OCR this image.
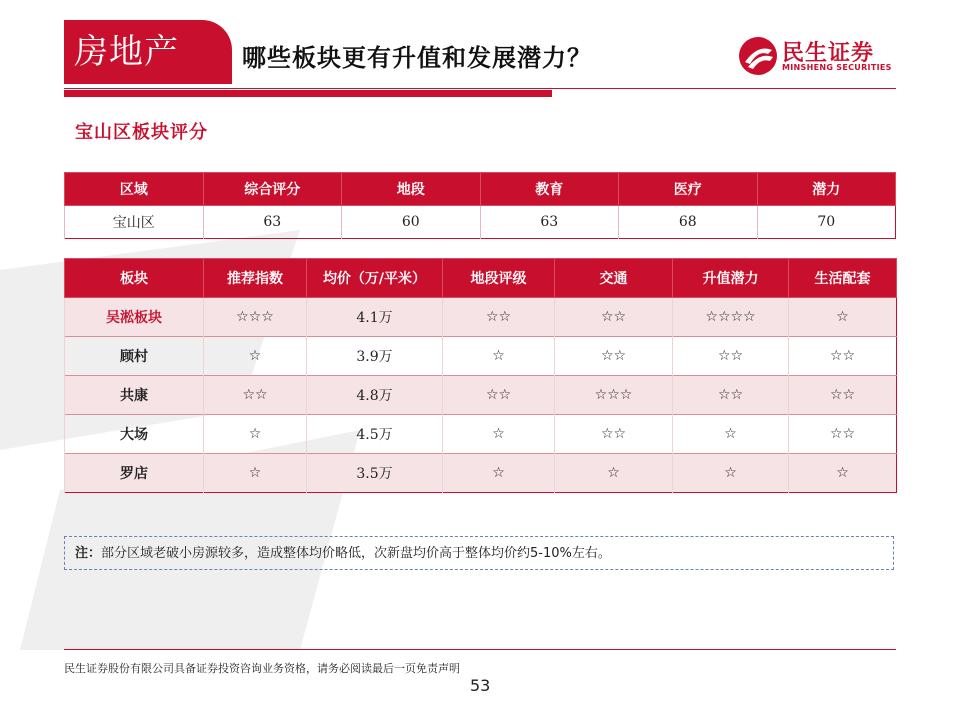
房地产	哪些板块更有升值和发展潜力？	民生证券
MINSHENG SECURITIES
宝山区板块评分
区域	综合评分	地段	教育	医疗	潜力
宝山区	63	60	63	68	70
板块	推荐指数	均价（万/平米）	地段评级	交通	升值潜力	生活配套
吴淞板块	☆☆☆	4.1万	☆☆	☆☆	☆☆☆☆	☆
顾村	☆	3.9万	☆	☆☆	☆☆	☆☆
共康	☆☆	4.8万	☆☆	☆☆☆	☆☆	☆☆
大场	☆	4.5万	☆	☆☆	☆	☆☆
罗店	☆	3.5万	☆	☆	☆	☆
注：部分区域老破小房源较多，造成整体均价略低，次新盘均价高于整体均价约5-10%左右。
民生证券股份有限公司具备证券投资咨询业务资格，请务必阅读最后一页免责声明
53
